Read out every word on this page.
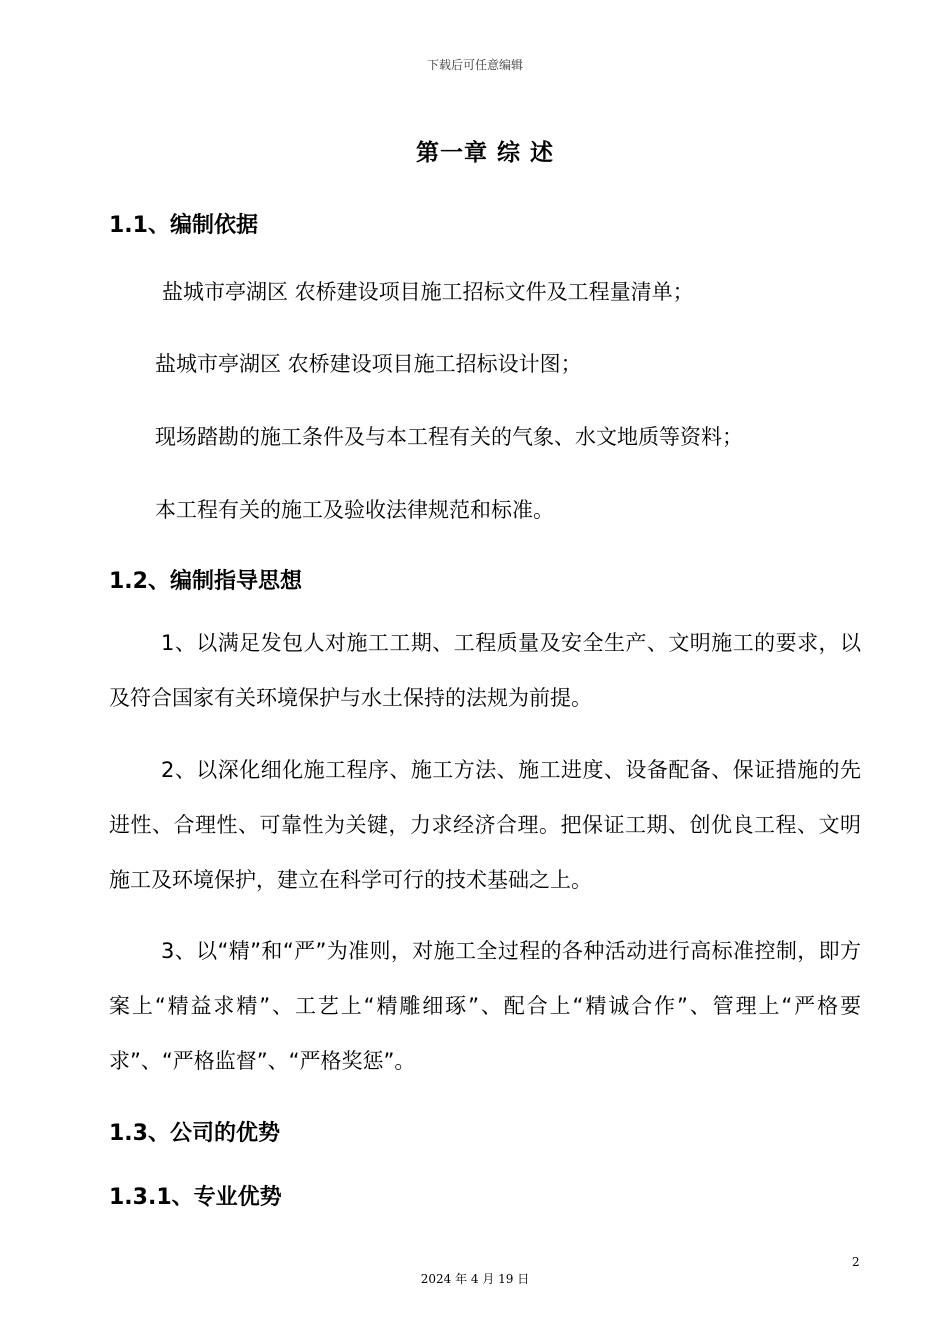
下载后可任意编辑
第一章 综 述
1.1、编制依据
盐城市亭湖区 农桥建设项目施工招标文件及工程量清单；
盐城市亭湖区 农桥建设项目施工招标设计图；
现场踏勘的施工条件及与本工程有关的气象、水文地质等资料；
本工程有关的施工及验收法律规范和标准。
1.2、编制指导思想
1、以满足发包人对施工工期、工程质量及安全生产、文明施工的要求，以及符合国家有关环境保护与水土保持的法规为前提。
2、以深化细化施工程序、施工方法、施工进度、设备配备、保证措施的先进性、合理性、可靠性为关键，力求经济合理。把保证工期、创优良工程、文明施工及环境保护，建立在科学可行的技术基础之上。
3、以“精”和“严”为准则，对施工全过程的各种活动进行高标准控制，即方案上“精益求精”、工艺上“精雕细琢”、配合上“精诚合作”、管理上“严格要求”、“严格监督”、“严格奖惩”。
1.3、公司的优势
1.3.1、专业优势
2
2024 年 4 月 19 日
